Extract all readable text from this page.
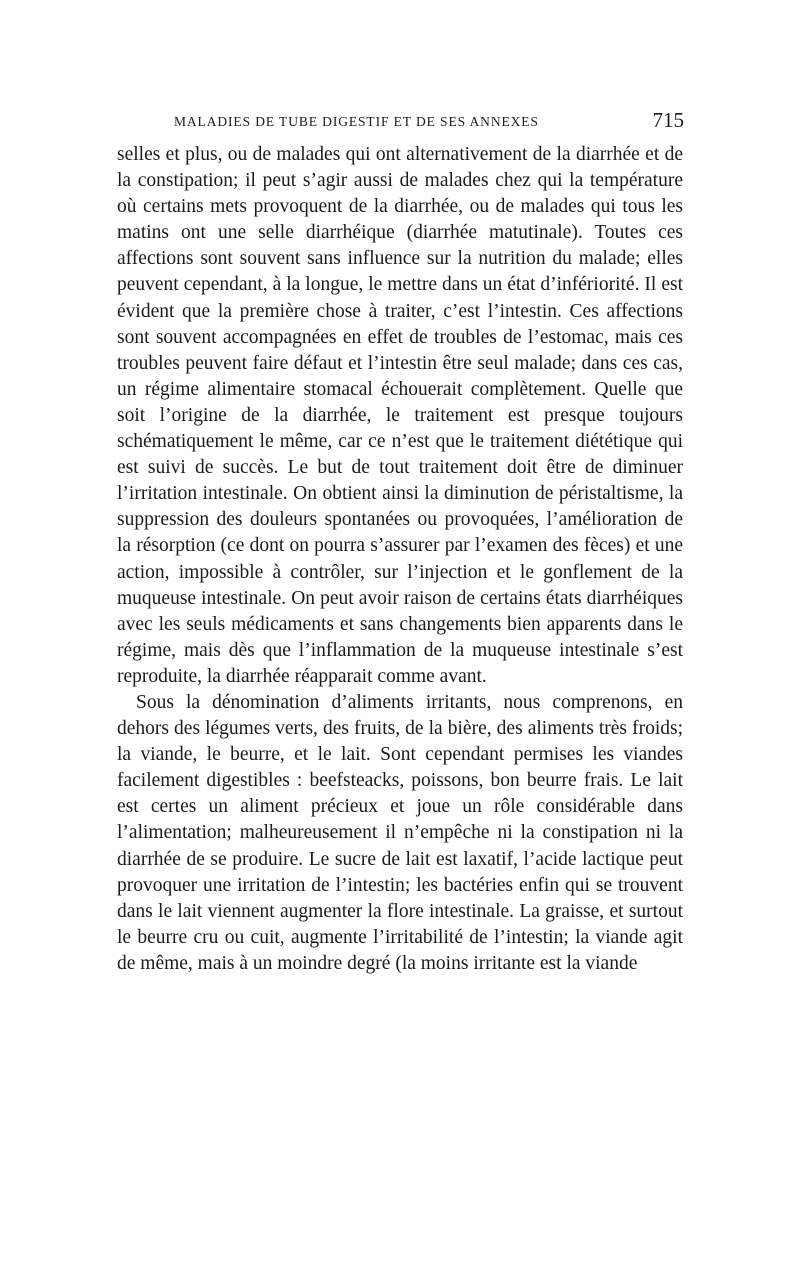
MALADIES DE TUBE DIGESTIF ET DE SES ANNEXES	715

selles et plus, ou de malades qui ont alternativement de la diarrhée et de la constipation; il peut s’agir aussi de malades chez qui la température où certains mets provoquent de la diarrhée, ou de malades qui tous les matins ont une selle diarrhéique (diarrhée matutinale). Toutes ces affections sont souvent sans influence sur la nutrition du malade; elles peuvent cependant, à la longue, le mettre dans un état d’infériorité. Il est évident que la première chose à traiter, c’est l’intestin. Ces affections sont souvent accompagnées en effet de troubles de l’estomac, mais ces troubles peuvent faire défaut et l’intestin être seul malade; dans ces cas, un régime alimentaire stomacal échouerait complètement. Quelle que soit l’origine de la diarrhée, le traitement est presque toujours schématiquement le même, car ce n’est que le traitement diététique qui est suivi de succès. Le but de tout traitement doit être de diminuer l’irritation intestinale. On obtient ainsi la diminution de péristaltisme, la suppression des douleurs spontanées ou provoquées, l’amélioration de la résorption (ce dont on pourra s’assurer par l’examen des fèces) et une action, impossible à contrôler, sur l’injection et le gonflement de la muqueuse intestinale. On peut avoir raison de certains états diarrhéiques avec les seuls médicaments et sans changements bien apparents dans le régime, mais dès que l’inflammation de la muqueuse intestinale s’est reproduite, la diarrhée réapparait comme avant.

Sous la dénomination d’aliments irritants, nous comprenons, en dehors des légumes verts, des fruits, de la bière, des aliments très froids; la viande, le beurre, et le lait. Sont cependant permises les viandes facilement digestibles : beefsteacks, poissons, bon beurre frais. Le lait est certes un aliment précieux et joue un rôle considérable dans l’alimentation; malheureusement il n’empêche ni la constipation ni la diarrhée de se produire. Le sucre de lait est laxatif, l’acide lactique peut provoquer une irritation de l’intestin; les bactéries enfin qui se trouvent dans le lait viennent augmenter la flore intestinale. La graisse, et surtout le beurre cru ou cuit, augmente l’irritabilité de l’intestin; la viande agit de même, mais à un moindre degré (la moins irritante est la viande
